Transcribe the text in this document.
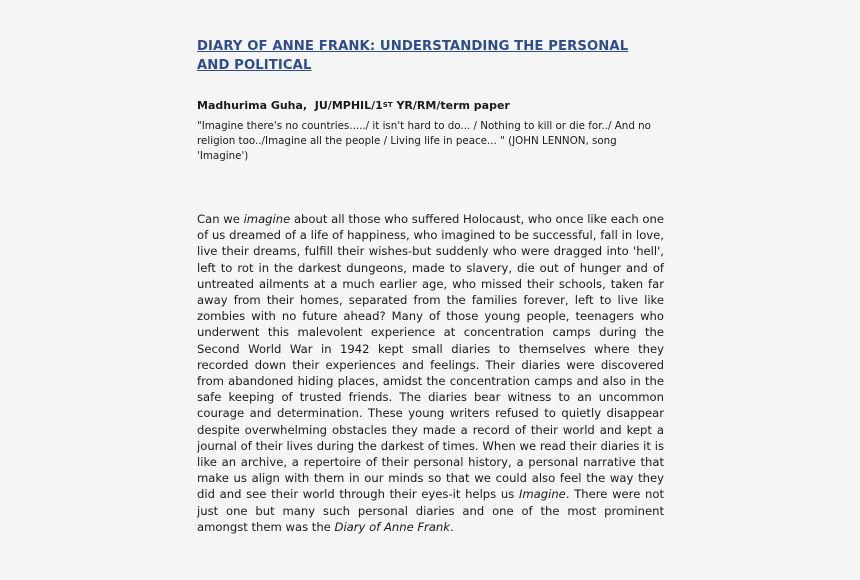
DIARY OF ANNE FRANK: UNDERSTANDING THE PERSONAL
AND POLITICAL

Madhurima Guha, JU/MPHIL/1ST YR/RM/term paper

"Imagine there's no countries...../ it isn't hard to do... / Nothing to kill or die for../ And no religion too../Imagine all the people / Living life in peace... " (JOHN LENNON, song 'Imagine')

Can we imagine about all those who suffered Holocaust, who once like each one of us dreamed of a life of happiness, who imagined to be successful, fall in love, live their dreams, fulfill their wishes-but suddenly who were dragged into 'hell', left to rot in the darkest dungeons, made to slavery, die out of hunger and of untreated ailments at a much earlier age, who missed their schools, taken far away from their homes, separated from the families forever, left to live like zombies with no future ahead? Many of those young people, teenagers who underwent this malevolent experience at concentration camps during the Second World War in 1942 kept small diaries to themselves where they recorded down their experiences and feelings. Their diaries were discovered from abandoned hiding places, amidst the concentration camps and also in the safe keeping of trusted friends. The diaries bear witness to an uncommon courage and determination. These young writers refused to quietly disappear despite overwhelming obstacles they made a record of their world and kept a journal of their lives during the darkest of times. When we read their diaries it is like an archive, a repertoire of their personal history, a personal narrative that make us align with them in our minds so that we could also feel the way they did and see their world through their eyes-it helps us Imagine. There were not just one but many such personal diaries and one of the most prominent amongst them was the Diary of Anne Frank.
